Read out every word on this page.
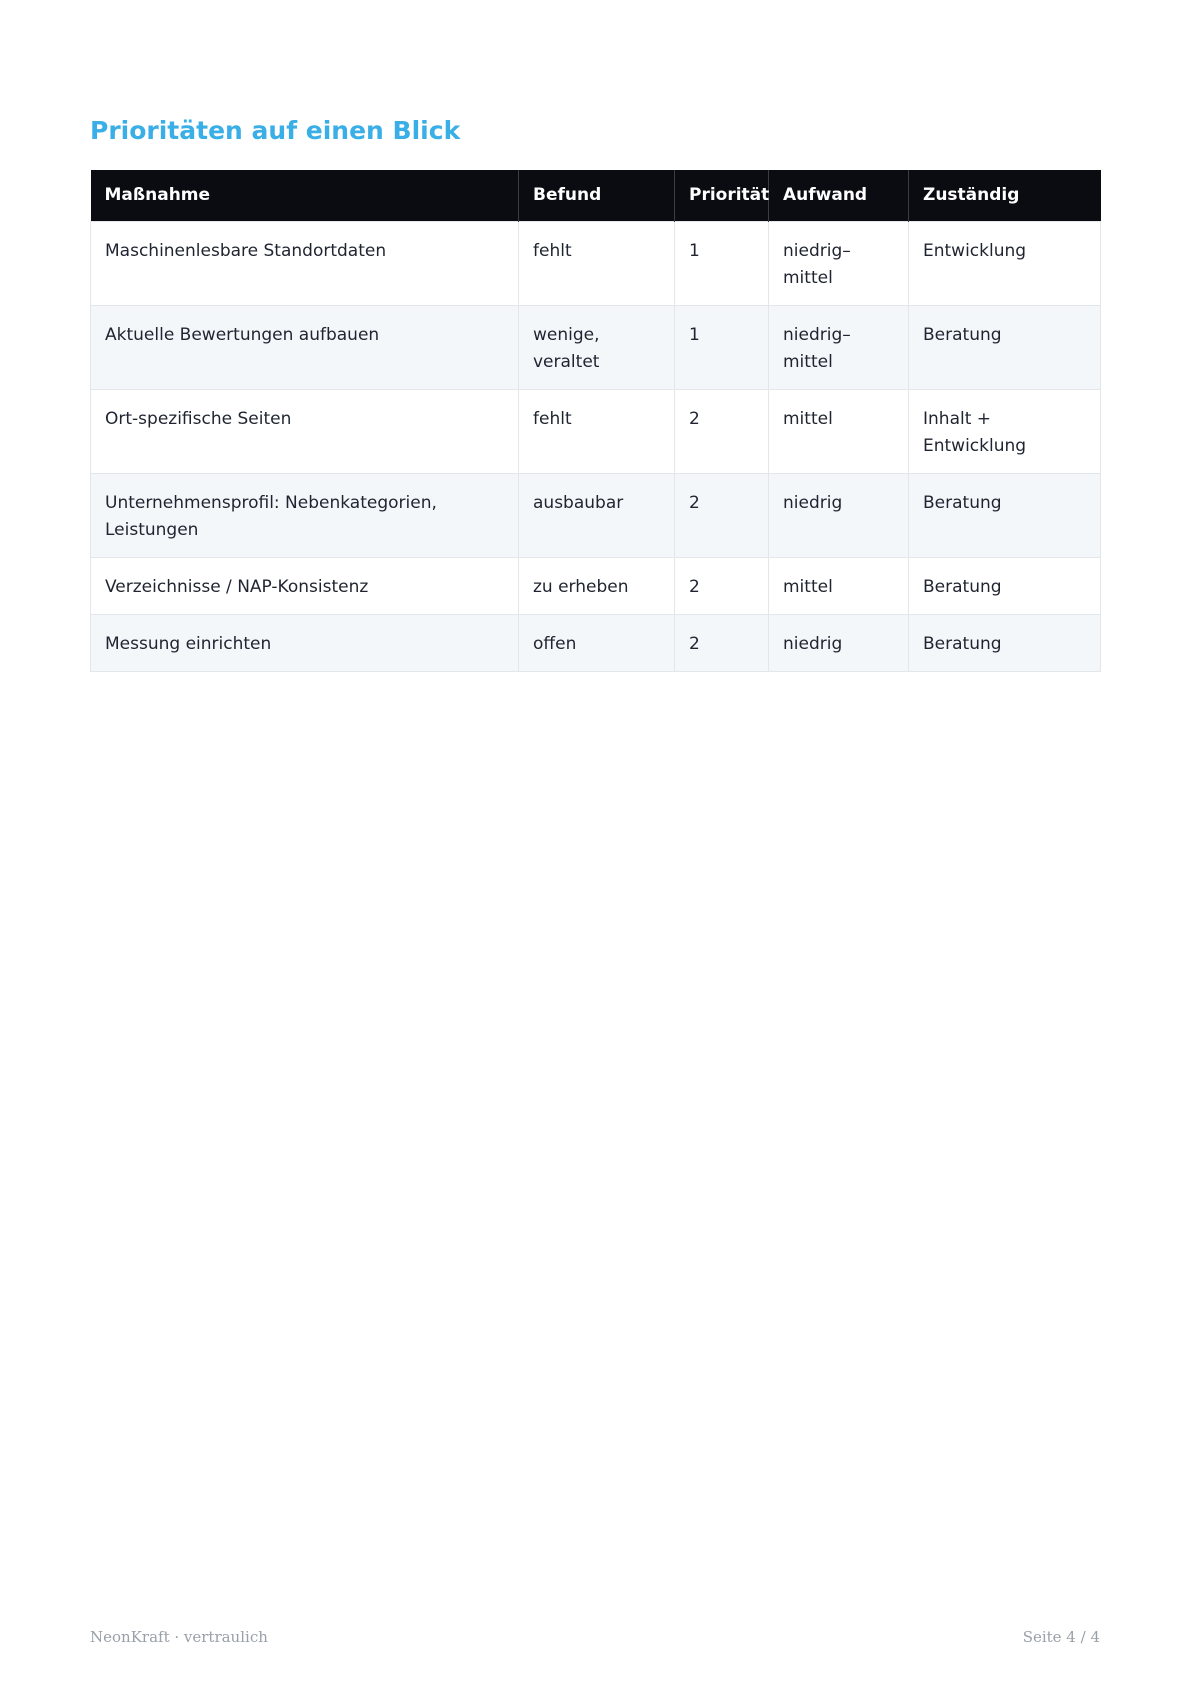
Prioritäten auf einen Blick
Maßnahme	Befund	Priorität	Aufwand	Zuständig
Maschinenlesbare Standortdaten	fehlt	1	niedrig–mittel	Entwicklung
Aktuelle Bewertungen aufbauen	wenige, veraltet	1	niedrig–mittel	Beratung
Ort-spezifische Seiten	fehlt	2	mittel	Inhalt + Entwicklung
Unternehmensprofil: Nebenkategorien, Leistungen	ausbaubar	2	niedrig	Beratung
Verzeichnisse / NAP-Konsistenz	zu erheben	2	mittel	Beratung
Messung einrichten	offen	2	niedrig	Beratung
NeonKraft · vertraulich	Seite 4 / 4
